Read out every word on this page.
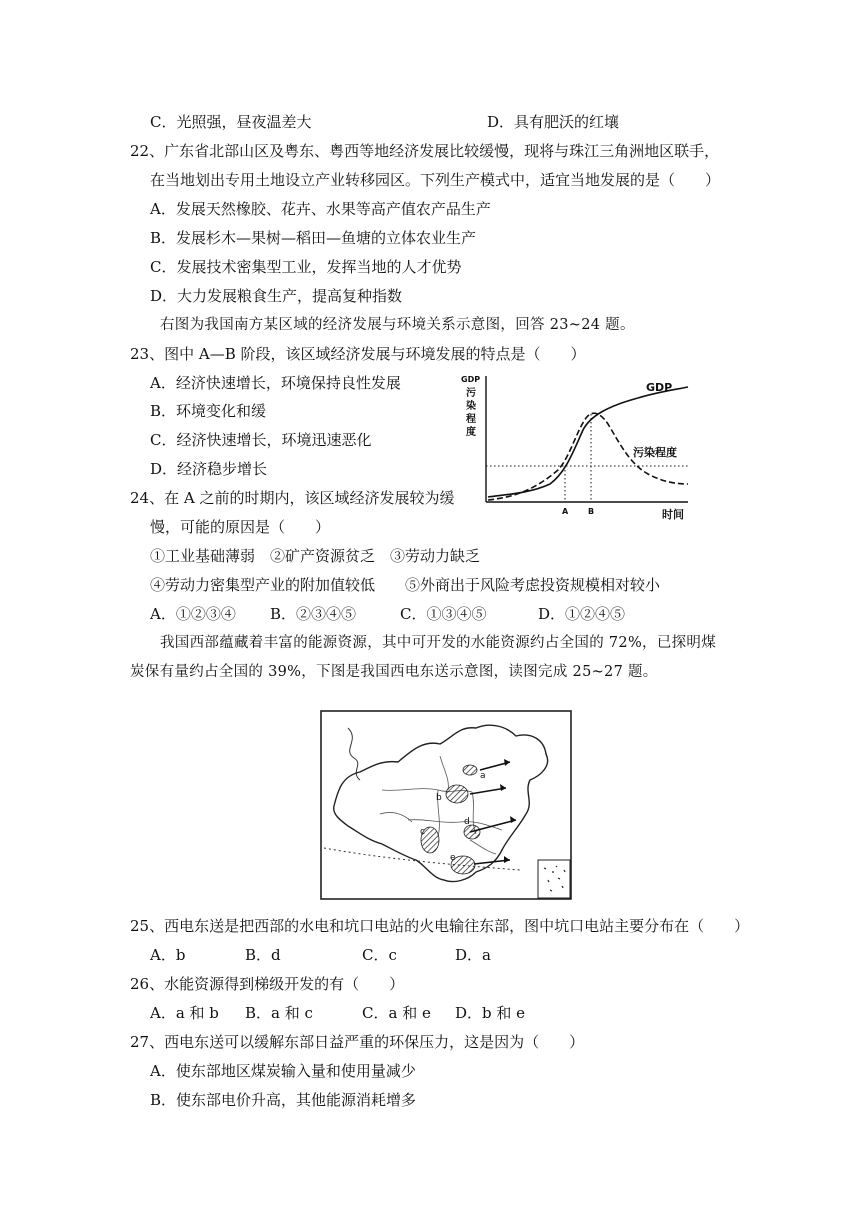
C．光照强，昼夜温差大	D．具有肥沃的红壤
22、广东省北部山区及粤东、粤西等地经济发展比较缓慢，现将与珠江三角洲地区联手，
在当地划出专用土地设立产业转移园区。下列生产模式中，适宜当地发展的是（　　）
A．发展天然橡胶、花卉、水果等高产值农产品生产
B．发展杉木—果树—稻田—鱼塘的立体农业生产
C．发展技术密集型工业，发挥当地的人才优势
D．大力发展粮食生产，提高复种指数
右图为我国南方某区域的经济发展与环境关系示意图，回答 23~24 题。
23、图中 A—B 阶段，该区域经济发展与环境发展的特点是（　　）
A．经济快速增长，环境保持良性发展
B．环境变化和缓
C．经济快速增长，环境迅速恶化
D．经济稳步增长
24、在 A 之前的时期内，该区域经济发展较为缓
慢，可能的原因是（　　）
①工业基础薄弱　②矿产资源贫乏　③劳动力缺乏
④劳动力密集型产业的附加值较低　　⑤外商出于风险考虑投资规模相对较小
A．①②③④ B．②③④⑤	C．①③④⑤	D．①②④⑤
我国西部蕴藏着丰富的能源资源，其中可开发的水能资源约占全国的 72%，已探明煤
炭保有量约占全国的 39%，下图是我国西电东送示意图，读图完成 25~27 题。
GDP 污染程度
GDP
污染程度
A B	时间
a
b
c
d
e
25、西电东送是把西部的水电和坑口电站的火电输往东部，图中坑口电站主要分布在（　　）
A．b	B．d	C．c	D．a
26、水能资源得到梯级开发的有（　　）
A．a 和 b B．a 和 c	C．a 和 e D．b 和 e
27、西电东送可以缓解东部日益严重的环保压力，这是因为（　　）
A．使东部地区煤炭输入量和使用量减少
B．使东部电价升高，其他能源消耗增多
